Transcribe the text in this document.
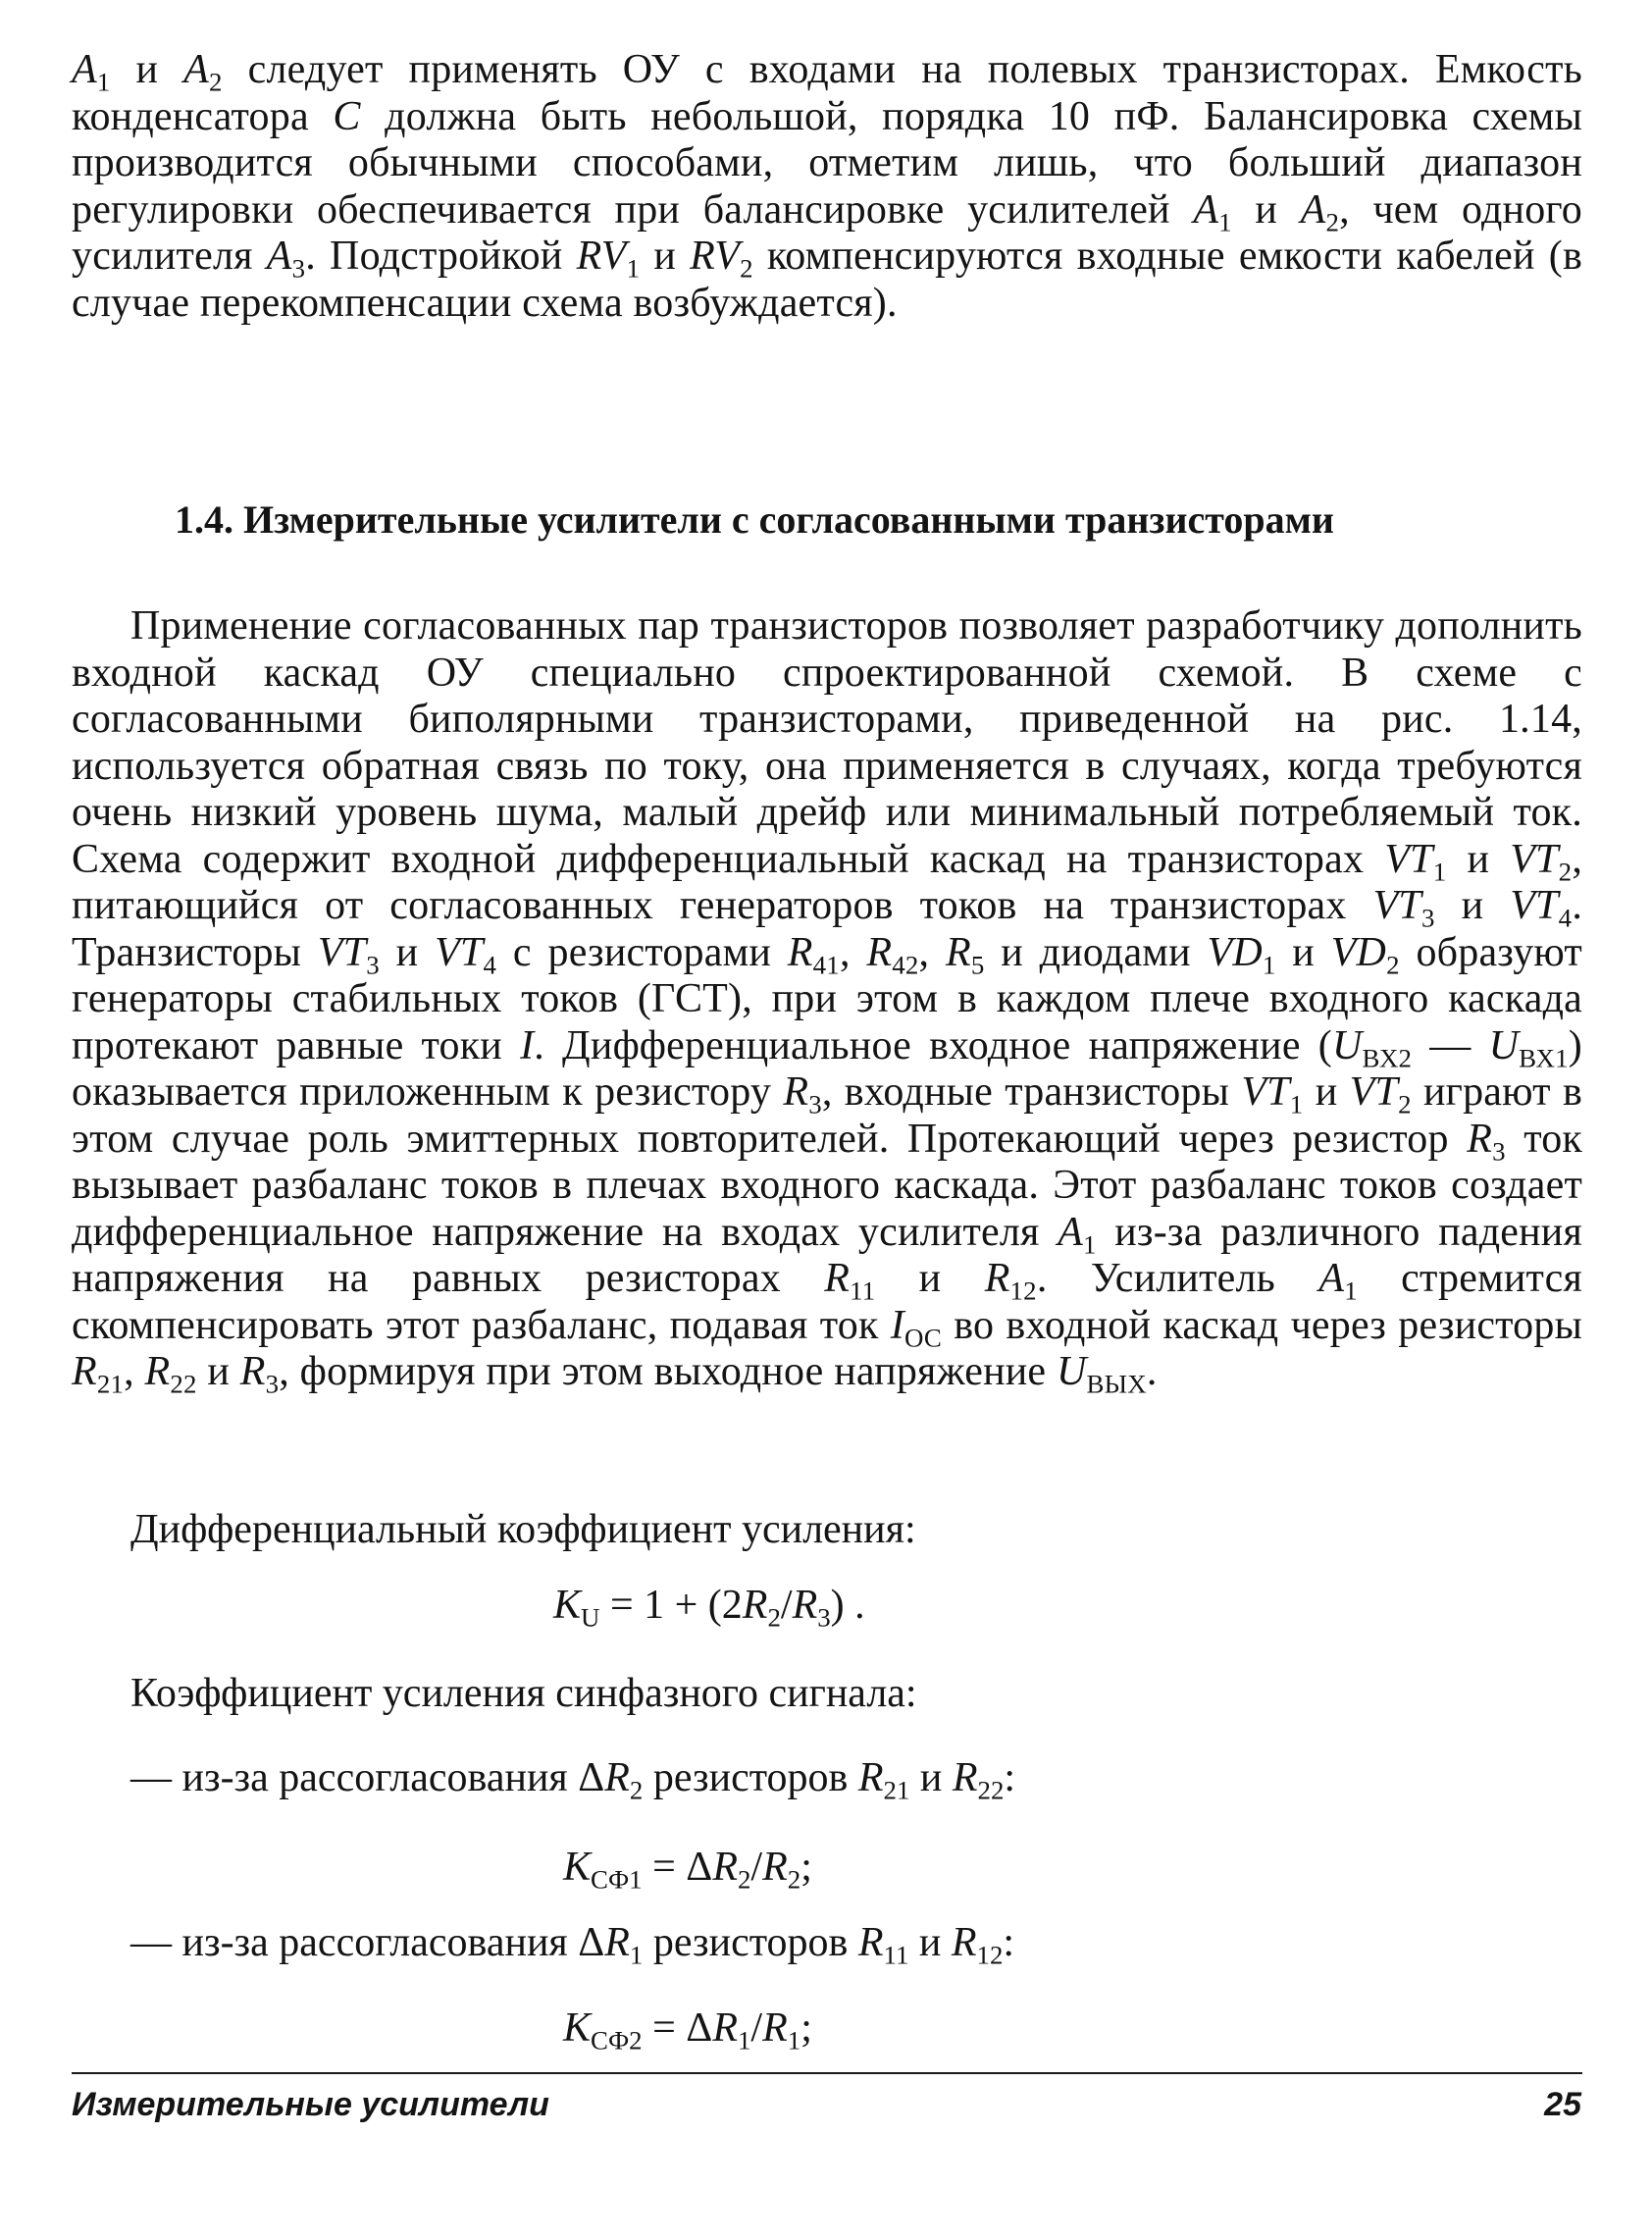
$A_1$ и $A_2$ следует применять ОУ с входами на полевых транзисторах. Емкость конденсатора C должна быть небольшой, порядка 10 пФ. Балансировка схемы производится обычными способами, отметим лишь, что больший диапазон регулировки обеспечивается при балансировке усилителей $A_1$ и $A_2$, чем одного усилителя $A_3$. Подстройкой $RV_1$ и $RV_2$ компенсируются входные емкости кабелей (в случае перекомпенсации схема возбуждается).

1.4. Измерительные усилители с согласованными транзисторами

Применение согласованных пар транзисторов позволяет разработчику дополнить входной каскад ОУ специально спроектированной схемой. В схеме с согласованными биполярными транзисторами, приведенной на рис. 1.14, используется обратная связь по току, она применяется в случаях, когда требуются очень низкий уровень шума, малый дрейф или минимальный потребляемый ток. Схема содержит входной дифференциальный каскад на транзисторах $VT_1$ и $VT_2$, питающийся от согласованных генераторов токов на транзисторах $VT_3$ и $VT_4$. Транзисторы $VT_3$ и $VT_4$ с резисторами $R_{41}$, $R_{42}$, $R_5$ и диодами $VD_1$ и $VD_2$ образуют генераторы стабильных токов (ГСТ), при этом в каждом плече входного каскада протекают равные токи I. Дифференциальное входное напряжение ($U_{ВХ2}$ — $U_{ВХ1}$) оказывается приложенным к резистору $R_3$, входные транзисторы $VT_1$ и $VT_2$ играют в этом случае роль эмиттерных повторителей. Протекающий через резистор $R_3$ ток вызывает разбаланс токов в плечах входного каскада. Этот разбаланс токов создает дифференциальное напряжение на входах усилителя $A_1$ из-за различного падения напряжения на равных резисторах $R_{11}$ и $R_{12}$. Усилитель $A_1$ стремится скомпенсировать этот разбаланс, подавая ток $I_{ОС}$ во входной каскад через резисторы $R_{21}$, $R_{22}$ и $R_3$, формируя при этом выходное напряжение $U_{ВЫХ}$.

Дифференциальный коэффициент усиления:

$K_U = 1 + (2R_2/R_3)$ .

Коэффициент усиления синфазного сигнала:

— из-за рассогласования $\Delta R_2$ резисторов $R_{21}$ и $R_{22}$:

$K_{СФ1} = \Delta R_2/R_2$;

— из-за рассогласования $\Delta R_1$ резисторов $R_{11}$ и $R_{12}$:

$K_{СФ2} = \Delta R_1/R_1$;

Измерительные усилители	25
